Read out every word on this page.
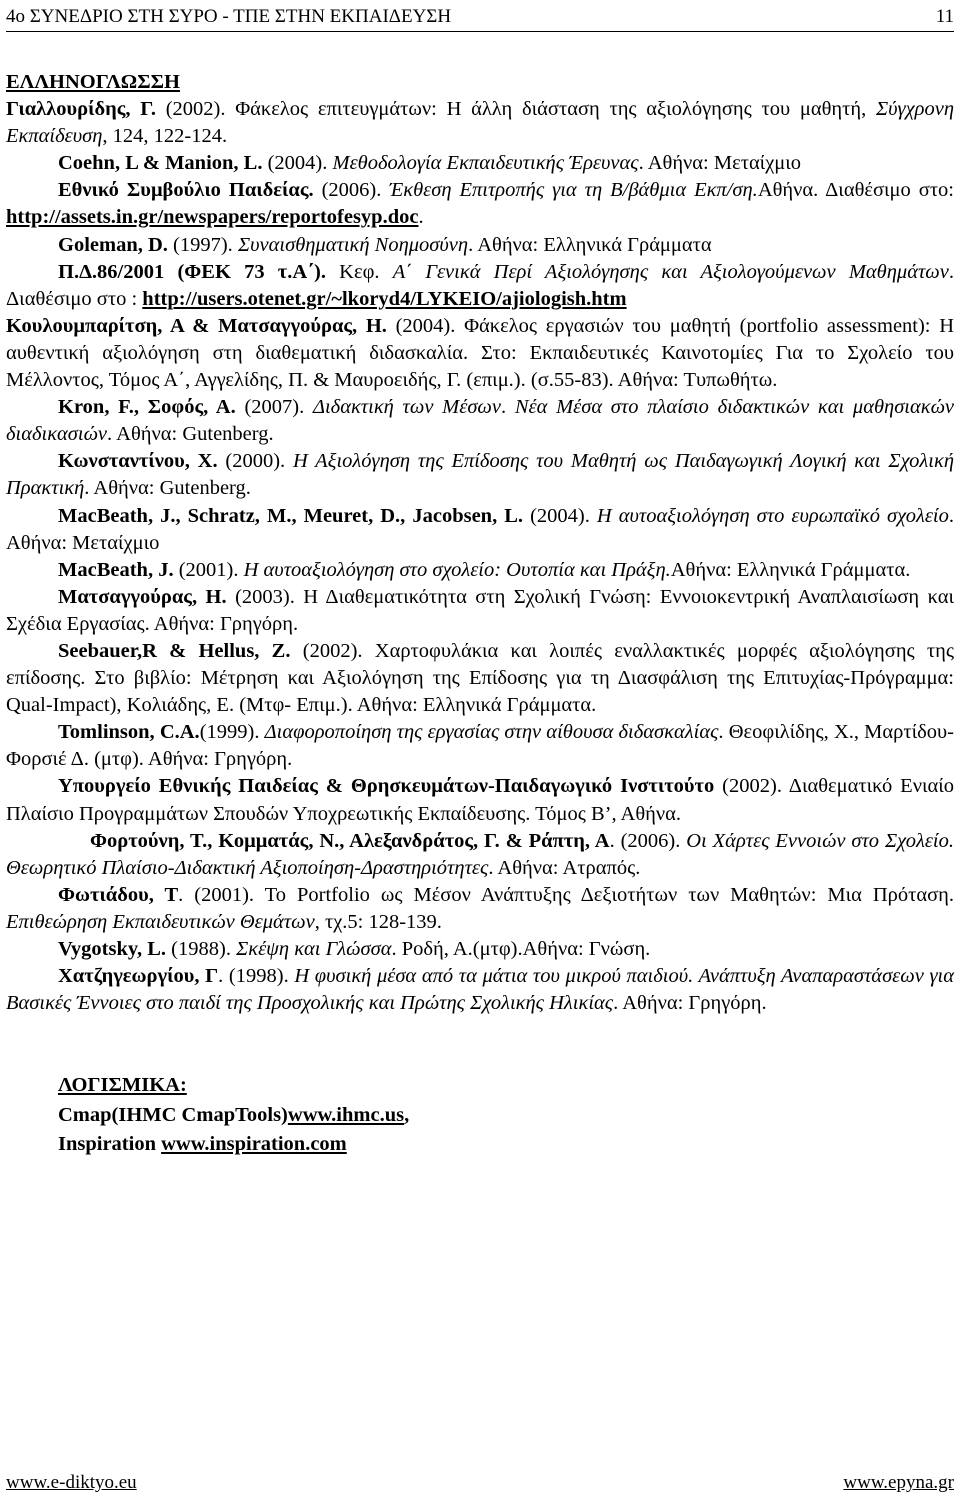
4ο ΣΥΝΕΔΡΙΟ ΣΤΗ ΣΥΡΟ - ΤΠΕ ΣΤΗΝ ΕΚΠΑΙΔΕΥΣΗ	11

ΕΛΛΗΝΟΓΛΩΣΣΗ

Γιαλλουρίδης, Γ. (2002). Φάκελος επιτευγμάτων: Η άλλη διάσταση της αξιολόγησης του μαθητή, Σύγχρονη Εκπαίδευση, 124, 122-124.

Coehn, L & Manion, L. (2004). Μεθοδολογία Εκπαιδευτικής Έρευνας. Αθήνα: Μεταίχμιο

Εθνικό Συμβούλιο Παιδείας. (2006). Έκθεση Επιτροπής για τη Β/βάθμια Εκπ/ση.Αθήνα. Διαθέσιμο στο: http://assets.in.gr/newspapers/reportofesyp.doc.

Goleman, D. (1997). Συναισθηματική Νοημοσύνη. Αθήνα: Ελληνικά Γράμματα

Π.Δ.86/2001 (ΦΕΚ 73 τ.Α΄). Κεφ. Α΄ Γενικά Περί Αξιολόγησης και Αξιολογούμενων Μαθημάτων. Διαθέσιμο στο : http://users.otenet.gr/~lkoryd4/LYKEIO/ajiologish.htm

Κουλουμπαρίτση, Α & Ματσαγγούρας, Η. (2004). Φάκελος εργασιών του μαθητή (portfolio assessment): Η αυθεντική αξιολόγηση στη διαθεματική διδασκαλία. Στο: Εκπαιδευτικές Καινοτομίες Για το Σχολείο του Μέλλοντος, Τόμος Α΄, Αγγελίδης, Π. & Μαυροειδής, Γ. (επιμ.). (σ.55-83). Αθήνα: Τυπωθήτω.

Kron, F., Σοφός, Α. (2007). Διδακτική των Μέσων. Νέα Μέσα στο πλαίσιο διδακτικών και μαθησιακών διαδικασιών. Αθήνα: Gutenberg.

Κωνσταντίνου, Χ. (2000). Η Αξιολόγηση της Επίδοσης του Μαθητή ως Παιδαγωγική Λογική και Σχολική Πρακτική. Αθήνα: Gutenberg.

MacBeath, J., Schratz, M., Meuret, D., Jacobsen, L. (2004). Η αυτοαξιολόγηση στο ευρωπαϊκό σχολείο. Αθήνα: Μεταίχμιο

MacBeath, J. (2001). Η αυτοαξιολόγηση στο σχολείο: Ουτοπία και Πράξη.Αθήνα: Ελληνικά Γράμματα.

Ματσαγγούρας, Η. (2003). Η Διαθεματικότητα στη Σχολική Γνώση: Εννοιοκεντρική Αναπλαισίωση και Σχέδια Εργασίας. Αθήνα: Γρηγόρη.

Seebauer,R & Hellus, Z. (2002). Χαρτοφυλάκια και λοιπές εναλλακτικές μορφές αξιολόγησης της επίδοσης. Στο βιβλίο: Μέτρηση και Αξιολόγηση της Επίδοσης για τη Διασφάλιση της Επιτυχίας-Πρόγραμμα: Qual-Impact), Κολιάδης, Ε. (Μτφ- Επιμ.). Αθήνα: Ελληνικά Γράμματα.

Tomlinson, C.A.(1999). Διαφοροποίηση της εργασίας στην αίθουσα διδασκαλίας. Θεοφιλίδης, Χ., Μαρτίδου-Φορσιέ Δ. (μτφ). Αθήνα: Γρηγόρη.

Υπουργείο Εθνικής Παιδείας & Θρησκευμάτων-Παιδαγωγικό Ινστιτούτο (2002). Διαθεματικό Ενιαίο Πλαίσιο Προγραμμάτων Σπουδών Υποχρεωτικής Εκπαίδευσης. Τόμος Β’, Αθήνα.

Φορτούνη, Τ., Κομματάς, Ν., Αλεξανδράτος, Γ. & Ράπτη, Α. (2006). Οι Χάρτες Εννοιών στο Σχολείο. Θεωρητικό Πλαίσιο-Διδακτική Αξιοποίηση-Δραστηριότητες. Αθήνα: Ατραπός.

Φωτιάδου, Τ. (2001). Το Portfolio ως Μέσον Ανάπτυξης Δεξιοτήτων των Μαθητών: Μια Πρόταση. Επιθεώρηση Εκπαιδευτικών Θεμάτων, τχ.5: 128-139.

Vygotsky, L. (1988). Σκέψη και Γλώσσα. Ροδή, Α.(μτφ).Αθήνα: Γνώση.

Χατζηγεωργίου, Γ. (1998). Η φυσική μέσα από τα μάτια του μικρού παιδιού. Ανάπτυξη Αναπαραστάσεων για Βασικές Έννοιες στο παιδί της Προσχολικής και Πρώτης Σχολικής Ηλικίας. Αθήνα: Γρηγόρη.

ΛΟΓΙΣΜΙΚΑ:

Cmap(IHMC CmapTools)www.ihmc.us,

Inspiration www.inspiration.com

www.e-diktyo.eu	www.epyna.gr
